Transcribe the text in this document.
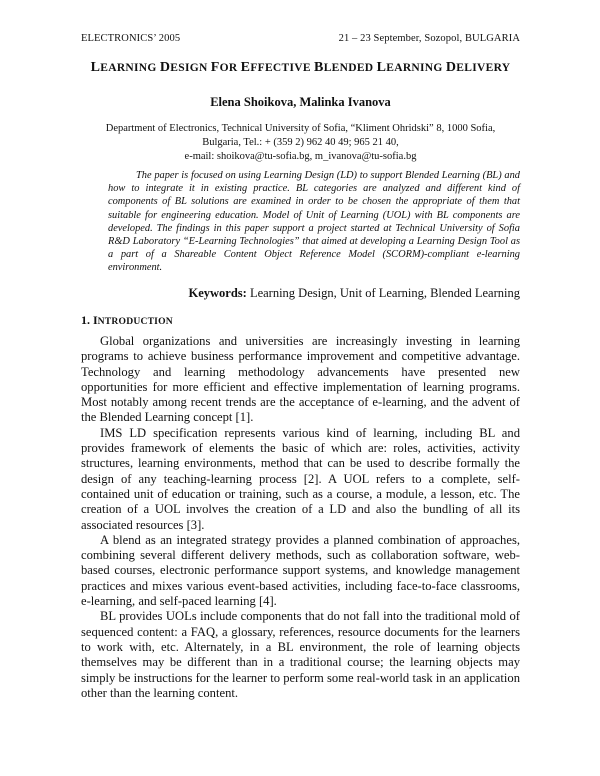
ELECTRONICS’ 2005	21 – 23 September, Sozopol, BULGARIA
LEARNING DESIGN FOR EFFECTIVE BLENDED LEARNING DELIVERY
Elena Shoikova, Malinka Ivanova
Department of Electronics, Technical University of Sofia, “Kliment Ohridski” 8, 1000 Sofia,
Bulgaria, Tel.: + (359 2) 962 40 49; 965 21 40,
e-mail: shoikova@tu-sofia.bg, m_ivanova@tu-sofia.bg
The paper is focused on using Learning Design (LD) to support Blended Learning (BL) and how to integrate it in existing practice. BL categories are analyzed and different kind of components of BL solutions are examined in order to be chosen the appropriate of them that suitable for engineering education. Model of Unit of Learning (UOL) with BL components are developed. The findings in this paper support a project started at Technical University of Sofia R&D Laboratory “E-Learning Technologies” that aimed at developing a Learning Design Tool as a part of a Shareable Content Object Reference Model (SCORM)-compliant e-learning environment.
Keywords: Learning Design, Unit of Learning, Blended Learning
1. INTRODUCTION

Global organizations and universities are increasingly investing in learning programs to achieve business performance improvement and competitive advantage. Technology and learning methodology advancements have presented new opportunities for more efficient and effective implementation of learning programs. Most notably among recent trends are the acceptance of e-learning, and the advent of the Blended Learning concept [1].

IMS LD specification represents various kind of learning, including BL and provides framework of elements the basic of which are: roles, activities, activity structures, learning environments, method that can be used to describe formally the design of any teaching-learning process [2]. A UOL refers to a complete, self-contained unit of education or training, such as a course, a module, a lesson, etc. The creation of a UOL involves the creation of a LD and also the bundling of all its associated resources [3].

A blend as an integrated strategy provides a planned combination of approaches, combining several different delivery methods, such as collaboration software, web-based courses, electronic performance support systems, and knowledge management practices and mixes various event-based activities, including face-to-face classrooms, e-learning, and self-paced learning [4].

BL provides UOLs include components that do not fall into the traditional mold of sequenced content: a FAQ, a glossary, references, resource documents for the learners to work with, etc. Alternately, in a BL environment, the role of learning objects themselves may be different than in a traditional course; the learning objects may simply be instructions for the learner to perform some real-world task in an application other than the learning content.
